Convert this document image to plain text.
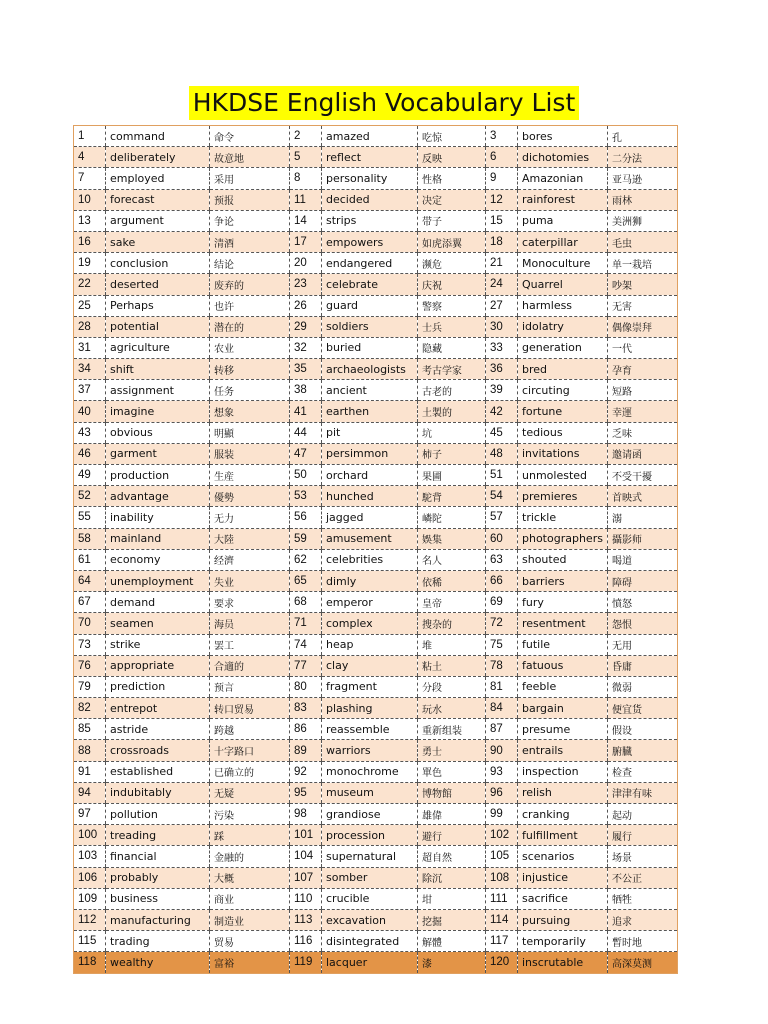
HKDSE English Vocabulary List
1	command	命令	2	amazed	吃惊	3	bores	孔
4	deliberately	故意地	5	reflect	反映	6	dichotomies	二分法
7	employed	采用	8	personality	性格	9	Amazonian	亚马逊
10	forecast	预报	11	decided	决定	12	rainforest	雨林
13	argument	争论	14	strips	带子	15	puma	美洲狮
16	sake	清酒	17	empowers	如虎添翼	18	caterpillar	毛虫
19	conclusion	结论	20	endangered	濒危	21	Monoculture	单一栽培
22	deserted	废弃的	23	celebrate	庆祝	24	Quarrel	吵架
25	Perhaps	也许	26	guard	警察	27	harmless	无害
28	potential	潜在的	29	soldiers	士兵	30	idolatry	偶像崇拜
31	agriculture	农业	32	buried	隐藏	33	generation	一代
34	shift	转移	35	archaeologists	考古学家	36	bred	孕育
37	assignment	任务	38	ancient	古老的	39	circuting	短路
40	imagine	想象	41	earthen	土製的	42	fortune	幸運
43	obvious	明顯	44	pit	坑	45	tedious	乏味
46	garment	服装	47	persimmon	柿子	48	invitations	邀请函
49	production	生産	50	orchard	果圃	51	unmolested	不受干擾
52	advantage	優勢	53	hunched	駝背	54	premieres	首映式
55	inability	无力	56	jagged	嶙陀	57	trickle	溺
58	mainland	大陸	59	amusement	娛集	60	photographers	攝影师
61	economy	经濟	62	celebrities	名人	63	shouted	喝道
64	unemployment	失业	65	dimly	依稀	66	barriers	障碍
67	demand	要求	68	emperor	皇帝	69	fury	憤怒
70	seamen	海员	71	complex	搜杂的	72	resentment	怨恨
73	strike	罢工	74	heap	堆	75	futile	无用
76	appropriate	合適的	77	clay	粘土	78	fatuous	昏庸
79	prediction	预言	80	fragment	分段	81	feeble	微弱
82	entrepot	转口贸易	83	plashing	玩水	84	bargain	便宜货
85	astride	跨越	86	reassemble	重新组装	87	presume	假设
88	crossroads	十字路口	89	warriors	勇士	90	entrails	腑臓
91	established	已确立的	92	monochrome	單色	93	inspection	检查
94	indubitably	无疑	95	museum	博物館	96	relish	津津有味
97	pollution	污染	98	grandiose	雄偉	99	cranking	起动
100	treading	踩	101	procession	避行	102	fulfillment	履行
103	financial	金融的	104	supernatural	超自然	105	scenarios	场景
106	probably	大概	107	somber	除沉	108	injustice	不公正
109	business	商业	110	crucible	坩	111	sacrifice	牺牲
112	manufacturing	制造业	113	excavation	挖掘	114	pursuing	追求
115	trading	贸易	116	disintegrated	解體	117	temporarily	暫时地
118	wealthy	富裕	119	lacquer	漆	120	inscrutable	高深莫测
